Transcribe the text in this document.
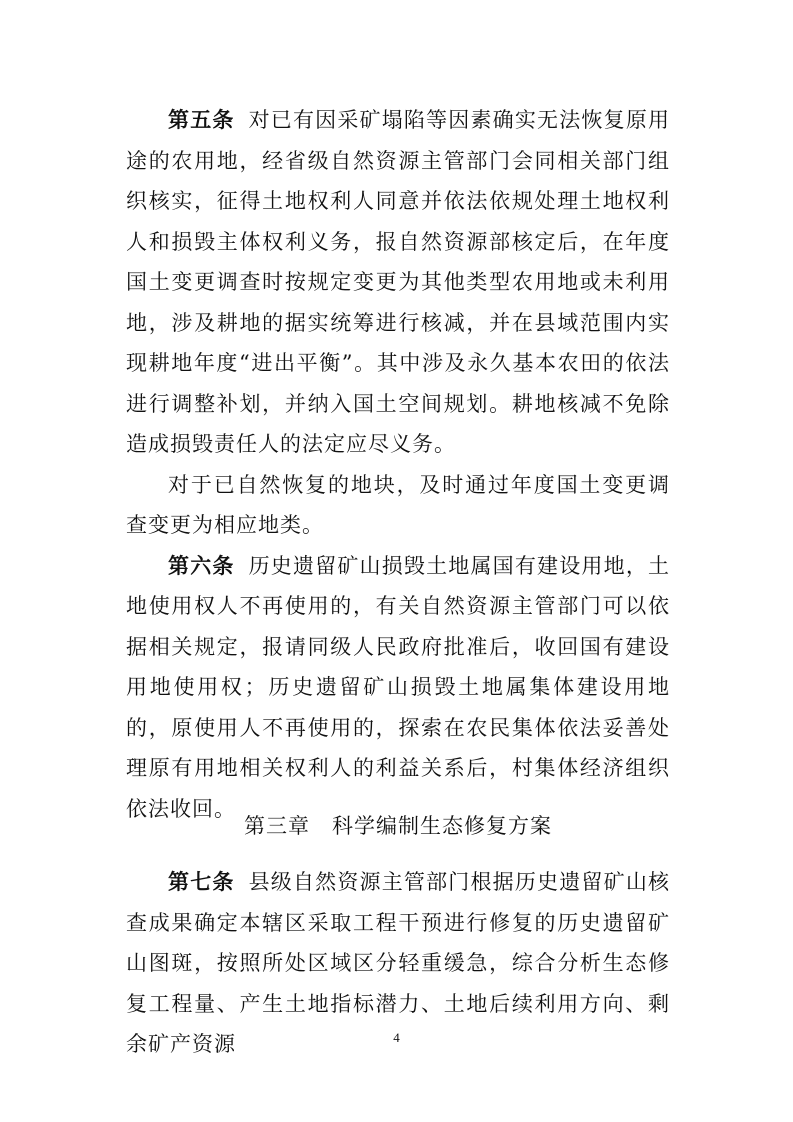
第五条 对已有因采矿塌陷等因素确实无法恢复原用途的农用地，经省级自然资源主管部门会同相关部门组织核实，征得土地权利人同意并依法依规处理土地权利人和损毁主体权利义务，报自然资源部核定后，在年度国土变更调查时按规定变更为其他类型农用地或未利用地，涉及耕地的据实统筹进行核减，并在县域范围内实现耕地年度“进出平衡”。其中涉及永久基本农田的依法进行调整补划，并纳入国土空间规划。耕地核减不免除造成损毁责任人的法定应尽义务。

对于已自然恢复的地块，及时通过年度国土变更调查变更为相应地类。

第六条 历史遗留矿山损毁土地属国有建设用地，土地使用权人不再使用的，有关自然资源主管部门可以依据相关规定，报请同级人民政府批准后，收回国有建设用地使用权；历史遗留矿山损毁土地属集体建设用地的，原使用人不再使用的，探索在农民集体依法妥善处理原有用地相关权利人的利益关系后，村集体经济组织依法收回。

第三章　科学编制生态修复方案

第七条 县级自然资源主管部门根据历史遗留矿山核查成果确定本辖区采取工程干预进行修复的历史遗留矿山图斑，按照所处区域区分轻重缓急，综合分析生态修复工程量、产生土地指标潜力、土地后续利用方向、剩余矿产资源	4
